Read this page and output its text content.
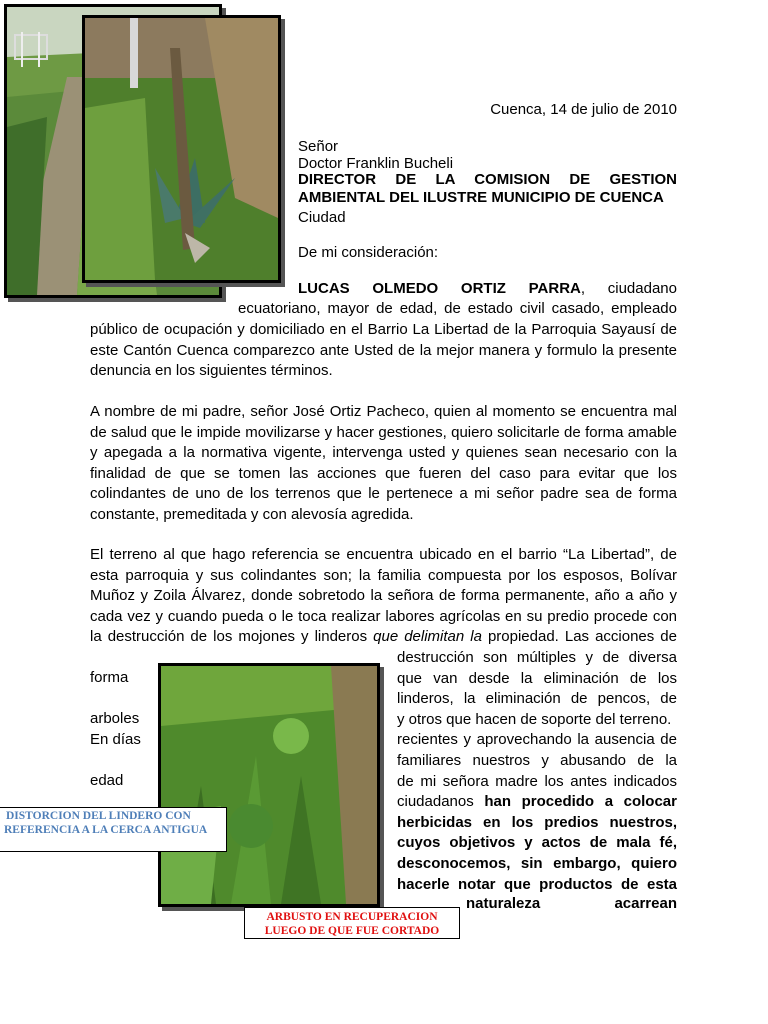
Cuenca, 14 de julio de 2010
Señor
Doctor Franklin Bucheli

DIRECTOR DE LA COMISION DE GESTION

AMBIENTAL DEL ILUSTRE MUNICIPIO DE CUENCA

Ciudad
De mi consideración:

LUCAS OLMEDO ORTIZ PARRA, ciudadano

ecuatoriano, mayor de edad, de estado civil casado, empleado

público de ocupación y domiciliado en el Barrio La Libertad de la Parroquia Sayausí de

este Cantón Cuenca comparezco ante Usted de la mejor manera y formulo la presente

denuncia en los siguientes términos.

A nombre de mi padre, señor José Ortiz Pacheco, quien al momento se encuentra mal

de salud que le impide movilizarse y hacer gestiones, quiero solicitarle de forma amable

y apegada a la normativa vigente, intervenga usted y quienes sean necesario con la

finalidad de que se tomen las acciones que fueren del caso para evitar que los

colindantes de uno de los terrenos que le pertenece a mi señor padre sea de forma

constante, premeditada y con alevosía agredida.

El terreno al que hago referencia se encuentra ubicado en el barrio “La Libertad”, de

esta parroquia y sus colindantes son; la familia compuesta por los esposos, Bolívar

Muñoz y Zoila Álvarez, donde sobretodo la señora de forma permanente, año a año y

cada vez y cuando pueda o le toca realizar labores agrícolas en su predio procede con

la destrucción de los mojones y linderos que delimitan la propiedad. Las acciones de

destrucción son múltiples y de diversa

que van desde la eliminación de los

linderos, la eliminación de pencos, de

y otros que hacen de soporte del terreno.

recientes y aprovechando la ausencia de

familiares nuestros y abusando de la

de mi señora madre los antes indicados

ciudadanos han procedido a colocar

herbicidas en los predios nuestros,

cuyos objetivos y actos de mala fé,

desconocemos, sin embargo, quiero

hacerle notar que productos de esta

naturaleza	acarrean
forma
arboles
En días
edad
DISTORCION DEL LINDERO CON
REFERENCIA A LA CERCA ANTIGUA
ARBUSTO EN RECUPERACION
LUEGO DE QUE FUE CORTADO
